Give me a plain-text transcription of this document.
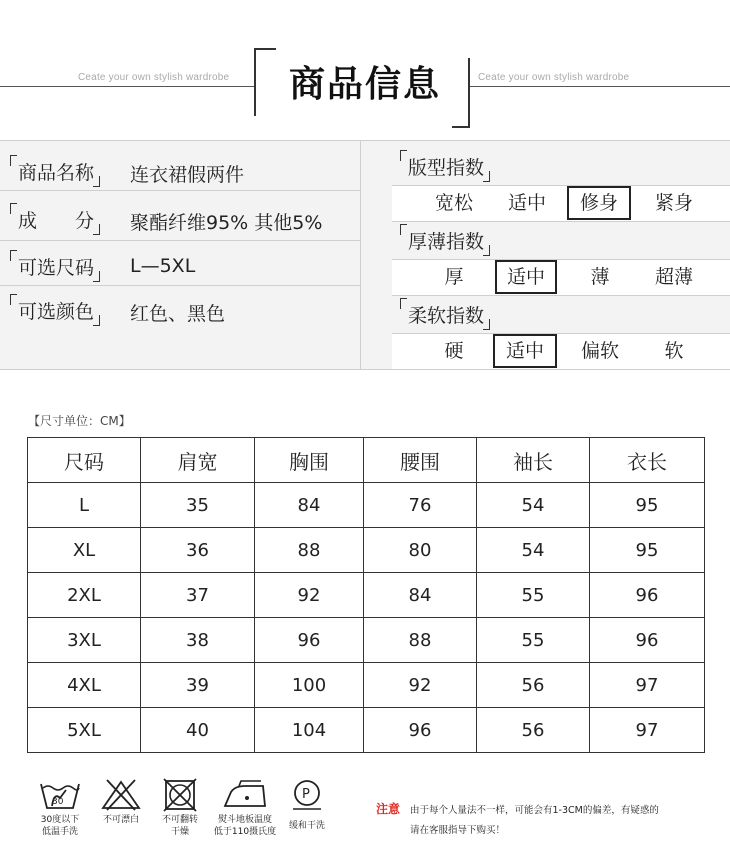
Ceate your own stylish wardrobe	Ceate your own stylish wardrobe
商品信息
商品名称 连衣裙假两件
成　　分 聚酯纤维95% 其他5%
可选尺码 L—5XL
可选颜色 红色、黑色
版型指数
宽松	适中	修身	紧身
厚薄指数
厚	适中	薄	超薄
柔软指数
硬	适中	偏软	软
【尺寸单位：CM】
尺码	肩宽	胸围	腰围	袖长	衣长
L	35	84	76	54	95
XL	36	88	80	54	95
2XL	37	92	84	55	96
3XL	38	96	88	55	96
4XL	39	100	92	56	97
5XL	40	104	96	56	97
30
30度以下
低温手洗
不可漂白	不可翻转
干燥
熨斗地板温度
低于110摄氏度
P
缓和干洗
注意 由于每个人量法不一样，可能会有1-3CM的偏差，有疑惑的
请在客服指导下购买！
